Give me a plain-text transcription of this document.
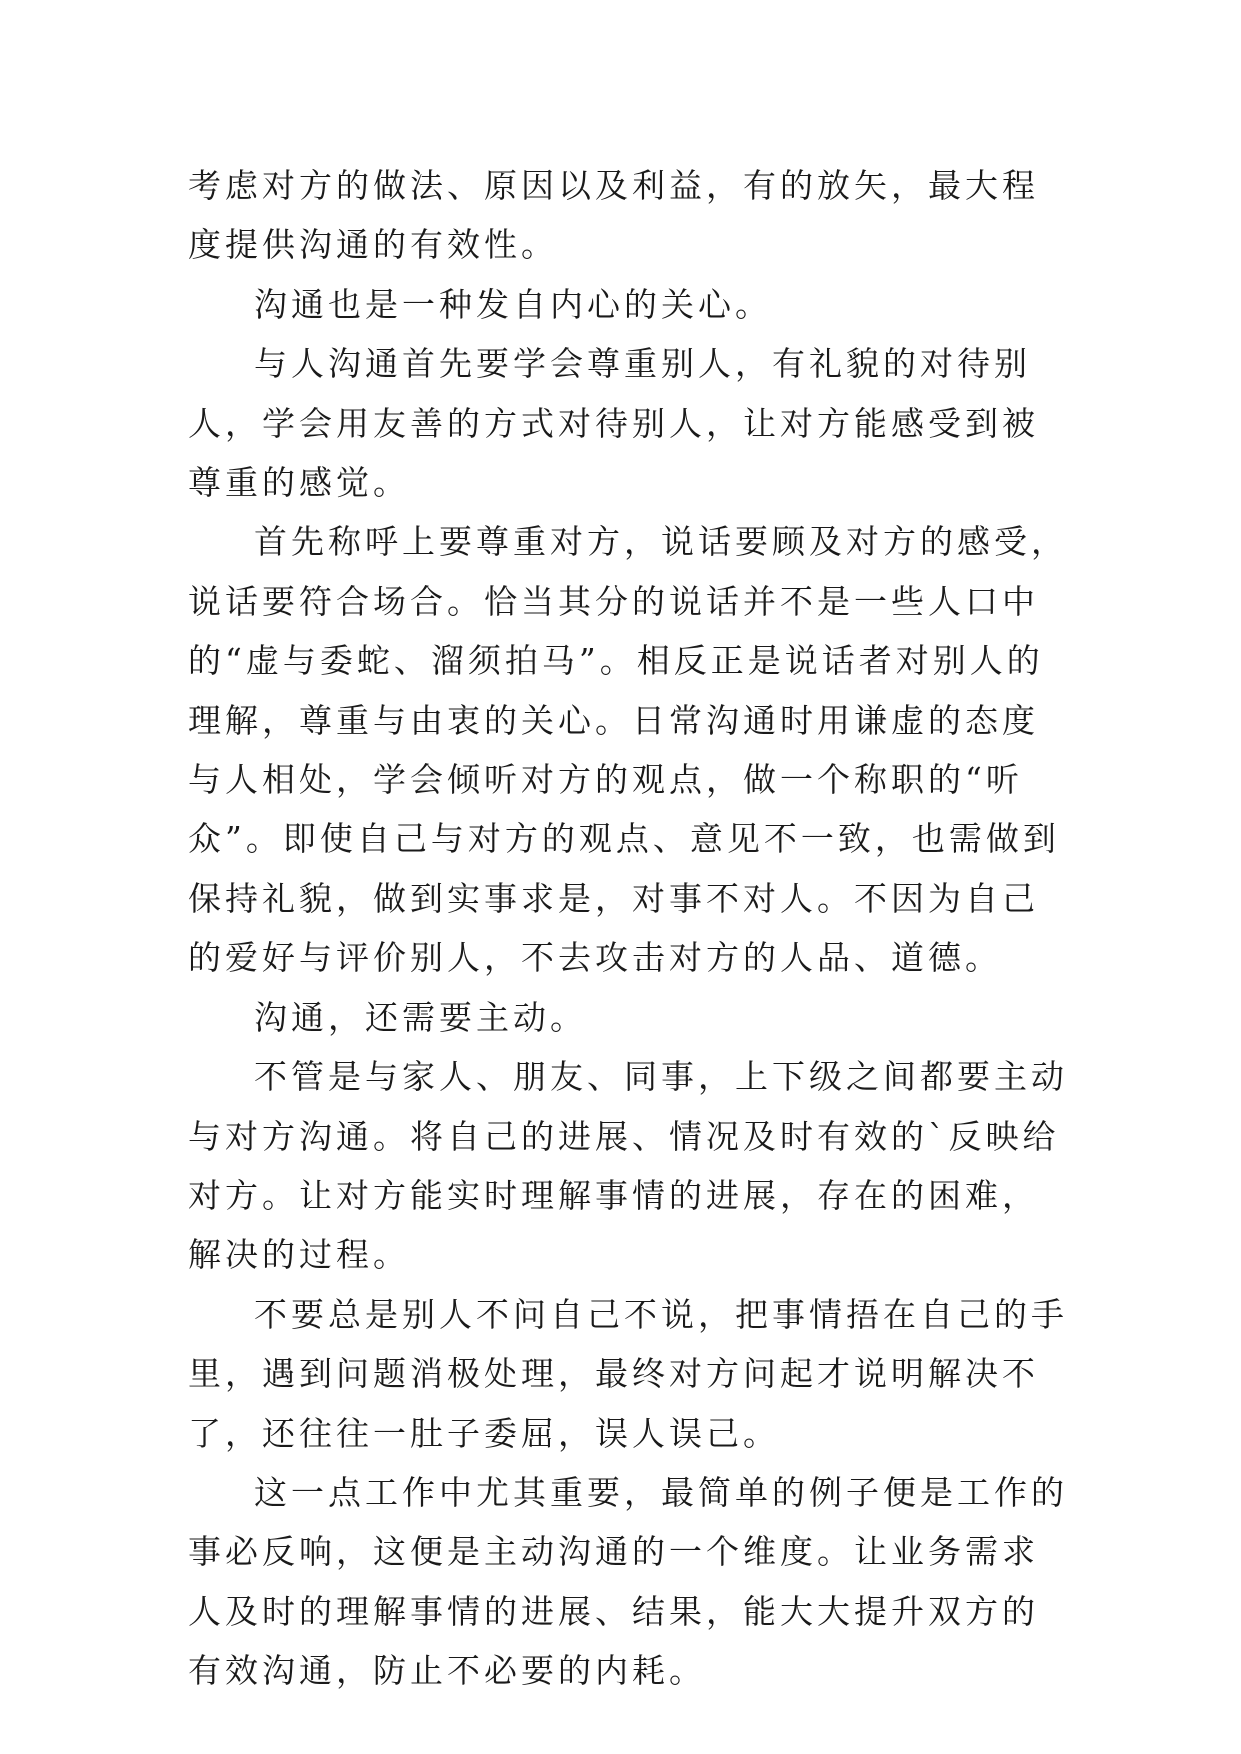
考虑对方的做法、原因以及利益，有的放矢，最大程度提供沟通的有效性。

沟通也是一种发自内心的关心。

与人沟通首先要学会尊重别人，有礼貌的对待别人，学会用友善的方式对待别人，让对方能感受到被尊重的感觉。

首先称呼上要尊重对方，说话要顾及对方的感受，说话要符合场合。恰当其分的说话并不是一些人口中的“虚与委蛇、溜须拍马”。相反正是说话者对别人的理解，尊重与由衷的关心。日常沟通时用谦虚的态度与人相处，学会倾听对方的观点，做一个称职的“听众”。即使自己与对方的观点、意见不一致，也需做到保持礼貌，做到实事求是，对事不对人。不因为自己的爱好与评价别人，不去攻击对方的人品、道德。

沟通，还需要主动。

不管是与家人、朋友、同事，上下级之间都要主动与对方沟通。将自己的进展、情况及时有效的`反映给对方。让对方能实时理解事情的进展，存在的困难，解决的过程。

不要总是别人不问自己不说，把事情捂在自己的手里，遇到问题消极处理，最终对方问起才说明解决不了，还往往一肚子委屈，误人误己。

这一点工作中尤其重要，最简单的例子便是工作的事必反响，这便是主动沟通的一个维度。让业务需求人及时的理解事情的进展、结果，能大大提升双方的有效沟通，防止不必要的内耗。
